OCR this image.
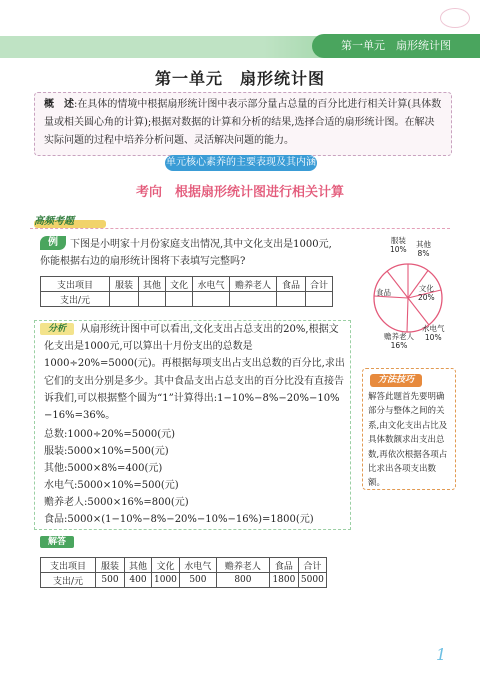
第一单元　扇形统计图
第一单元　扇形统计图
概　述:在具体的情境中根据扇形统计图中表示部分量占总量的百分比进行相关计算(具体数量或相关圆心角的计算);根据对数据的计算和分析的结果,选择合适的扇形统计图。在解决实际问题的过程中培养分析问题、灵活解决问题的能力。
单元核心素养的主要表现及其内涵
考向　根据扇形统计图进行相关计算
高频考题
例	下图是小明家十月份家庭支出情况,其中文化支出是1000元,
你能根据右边的扇形统计图将下表填写完整吗?
支出项目	服装	其他	文化	水电气	赡养老人	食品	合计
支出/元							
服装
10%
其他
8%
文化
20%
水电气
10%
赡养老人
16%
食品
从扇形统计图中可以看出,文化支出占总支出的20%,根据文化支出是1000元,可以算出十月份支出的总数是1000÷20%=5000(元)。再根据每项支出占支出总数的百分比,求出它们的支出分别是多少。其中食品支出占总支出的百分比没有直接告诉我们,可以根据整个圆为“1”计算得出:1−10%−8%−20%−10%−16%=36%。
分析
总数:1000÷20%=5000(元)
服装:5000×10%=500(元)
其他:5000×8%=400(元)
水电气:5000×10%=500(元)
赡养老人:5000×16%=800(元)
食品:5000×(1−10%−8%−20%−10%−16%)=1800(元)
方法技巧
解答此题首先要明确部分与整体之间的关系,由文化支出占比及具体数额求出支出总数,再依次根据各项占比求出各项支出数额。
解答
支出项目	服装	其他	文化	水电气	赡养老人	食品	合计
支出/元	500	400	1000	500	800	1800	5000
1
